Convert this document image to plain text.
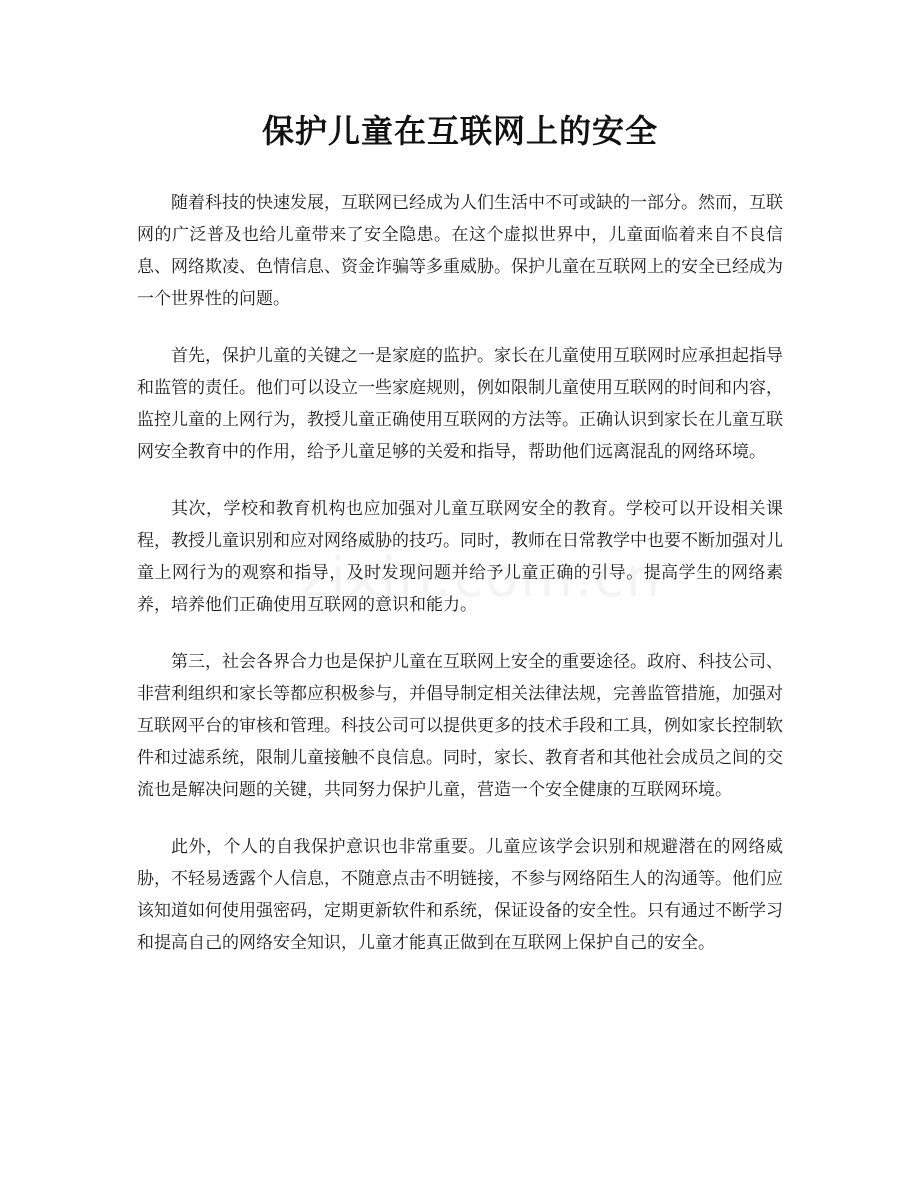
保护儿童在互联网上的安全

随着科技的快速发展，互联网已经成为人们生活中不可或缺的一部分。然而，互联网的广泛普及也给儿童带来了安全隐患。在这个虚拟世界中，儿童面临着来自不良信息、网络欺凌、色情信息、资金诈骗等多重威胁。保护儿童在互联网上的安全已经成为一个世界性的问题。

首先，保护儿童的关键之一是家庭的监护。家长在儿童使用互联网时应承担起指导和监管的责任。他们可以设立一些家庭规则，例如限制儿童使用互联网的时间和内容，监控儿童的上网行为，教授儿童正确使用互联网的方法等。正确认识到家长在儿童互联网安全教育中的作用，给予儿童足够的关爱和指导，帮助他们远离混乱的网络环境。

其次，学校和教育机构也应加强对儿童互联网安全的教育。学校可以开设相关课程，教授儿童识别和应对网络威胁的技巧。同时，教师在日常教学中也要不断加强对儿童上网行为的观察和指导，及时发现问题并给予儿童正确的引导。提高学生的网络素养，培养他们正确使用互联网的意识和能力。

第三，社会各界合力也是保护儿童在互联网上安全的重要途径。政府、科技公司、非营利组织和家长等都应积极参与，并倡导制定相关法律法规，完善监管措施，加强对互联网平台的审核和管理。科技公司可以提供更多的技术手段和工具，例如家长控制软件和过滤系统，限制儿童接触不良信息。同时，家长、教育者和其他社会成员之间的交流也是解决问题的关键，共同努力保护儿童，营造一个安全健康的互联网环境。

此外，个人的自我保护意识也非常重要。儿童应该学会识别和规避潜在的网络威胁，不轻易透露个人信息，不随意点击不明链接，不参与网络陌生人的沟通等。他们应该知道如何使用强密码，定期更新软件和系统，保证设备的安全性。只有通过不断学习和提高自己的网络安全知识，儿童才能真正做到在互联网上保护自己的安全。
